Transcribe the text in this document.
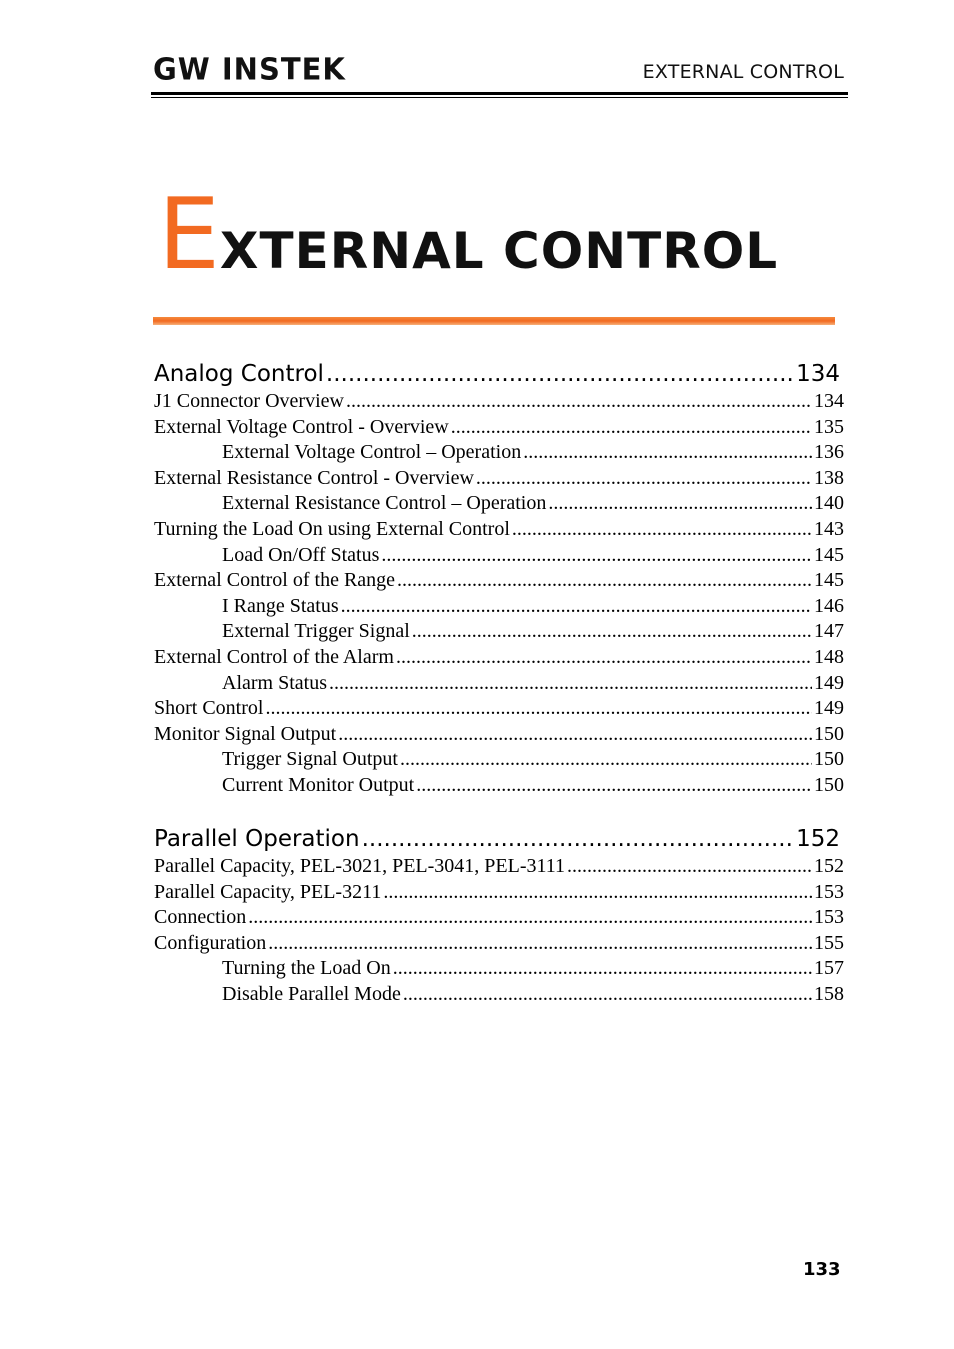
GW INSTEK	EXTERNAL CONTROL
EXTERNAL CONTROL
Analog Control .....	134
J1 Connector Overview .....	134
External Voltage Control - Overview .....	135
External Voltage Control – Operation .....	136
External Resistance Control - Overview .....	138
External Resistance Control – Operation .....	140
Turning the Load On using External Control .....	143
Load On/Off Status .....	145
External Control of the Range .....	145
I Range Status .....	146
External Trigger Signal .....	147
External Control of the Alarm .....	148
Alarm Status .....	149
Short Control .....	149
Monitor Signal Output .....	150
Trigger Signal Output .....	150
Current Monitor Output .....	150
Parallel Operation .....	152
Parallel Capacity, PEL-3021, PEL-3041, PEL-3111 .....	152
Parallel Capacity, PEL-3211 .....	153
Connection .....	153
Configuration .....	155
Turning the Load On .....	157
Disable Parallel Mode .....	158
133
